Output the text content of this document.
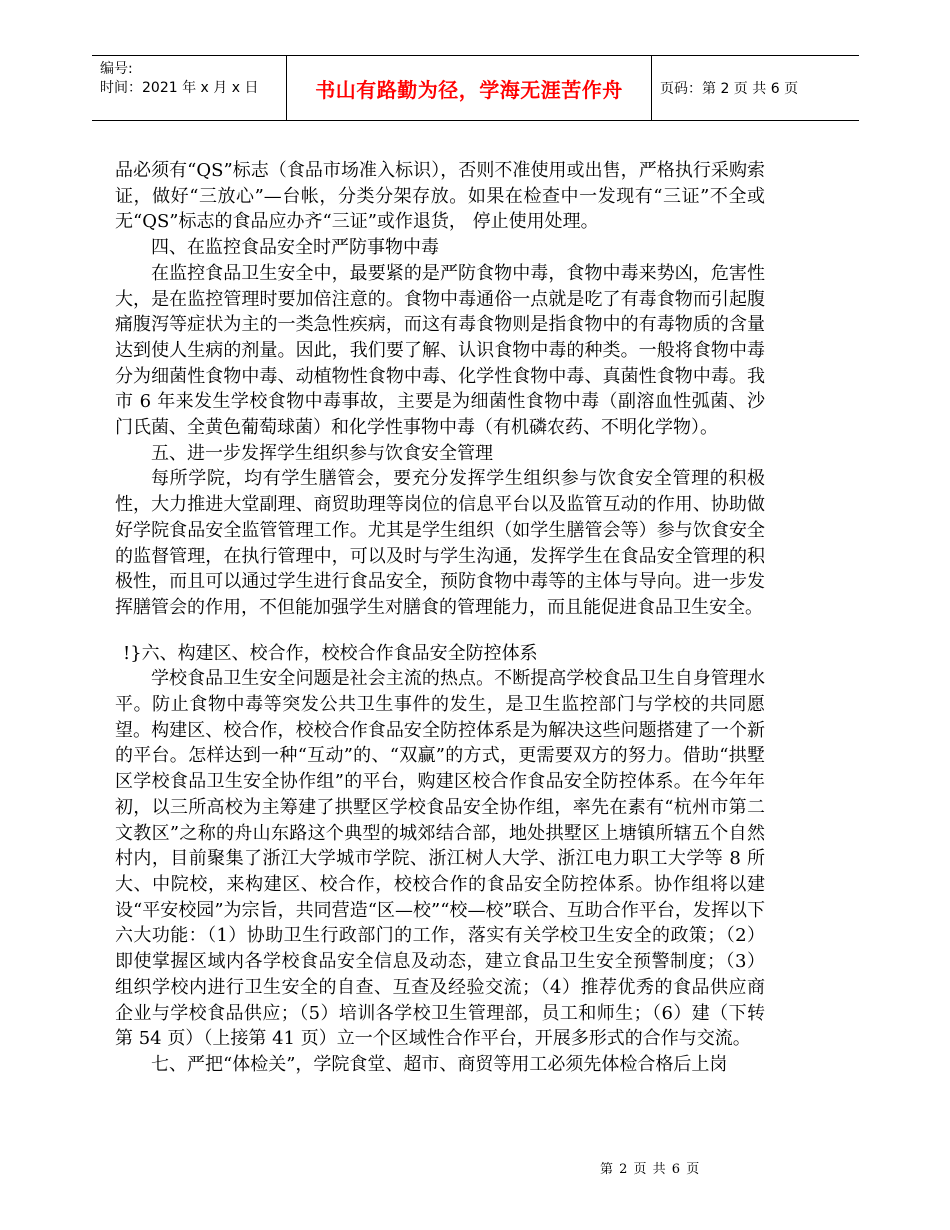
编号:
时间：2021 年 x 月 x 日	书山有路勤为径，学海无涯苦作舟	页码：第 2 页 共 6 页

品必须有“QS”标志（食品市场准入标识），否则不准使用或出售，严格执行采购索证，做好“三放心”—台帐，分类分架存放。如果在检查中一发现有“三证”不全或无“QS”标志的食品应办齐“三证”或作退货， 停止使用处理。

四、在监控食品安全时严防事物中毒

在监控食品卫生安全中，最要紧的是严防食物中毒，食物中毒来势凶，危害性大，是在监控管理时要加倍注意的。食物中毒通俗一点就是吃了有毒食物而引起腹痛腹泻等症状为主的一类急性疾病，而这有毒食物则是指食物中的有毒物质的含量达到使人生病的剂量。因此，我们要了解、认识食物中毒的种类。一般将食物中毒分为细菌性食物中毒、动植物性食物中毒、化学性食物中毒、真菌性食物中毒。我市 6 年来发生学校食物中毒事故，主要是为细菌性食物中毒（副溶血性弧菌、沙门氏菌、全黄色葡萄球菌）和化学性事物中毒（有机磷农药、不明化学物）。

五、进一步发挥学生组织参与饮食安全管理

每所学院，均有学生膳管会，要充分发挥学生组织参与饮食安全管理的积极性，大力推进大堂副理、商贸助理等岗位的信息平台以及监管互动的作用、协助做好学院食品安全监管管理工作。尤其是学生组织（如学生膳管会等）参与饮食安全的监督管理，在执行管理中，可以及时与学生沟通，发挥学生在食品安全管理的积极性，而且可以通过学生进行食品安全，预防食物中毒等的主体与导向。进一步发挥膳管会的作用，不但能加强学生对膳食的管理能力，而且能促进食品卫生安全。

!}六、构建区、校合作，校校合作食品安全防控体系

学校食品卫生安全问题是社会主流的热点。不断提高学校食品卫生自身管理水平。防止食物中毒等突发公共卫生事件的发生，是卫生监控部门与学校的共同愿望。构建区、校合作，校校合作食品安全防控体系是为解决这些问题搭建了一个新的平台。怎样达到一种“互动”的、“双赢”的方式，更需要双方的努力。借助“拱墅区学校食品卫生安全协作组”的平台，购建区校合作食品安全防控体系。在今年年初，以三所高校为主筹建了拱墅区学校食品安全协作组，率先在素有“杭州市第二文教区”之称的舟山东路这个典型的城郊结合部，地处拱墅区上塘镇所辖五个自然村内，目前聚集了浙江大学城市学院、浙江树人大学、浙江电力职工大学等 8 所大、中院校，来构建区、校合作，校校合作的食品安全防控体系。协作组将以建设“平安校园”为宗旨，共同营造“区—校”“校—校”联合、互助合作平台，发挥以下六大功能：（1）协助卫生行政部门的工作，落实有关学校卫生安全的政策；（2）即使掌握区域内各学校食品安全信息及动态，建立食品卫生安全预警制度；（3）组织学校内进行卫生安全的自查、互查及经验交流；（4）推荐优秀的食品供应商企业与学校食品供应；（5）培训各学校卫生管理部，员工和师生；（6）建（下转第 54 页）（上接第 41 页）立一个区域性合作平台，开展多形式的合作与交流。

七、严把“体检关”，学院食堂、超市、商贸等用工必须先体检合格后上岗

第 2 页 共 6 页
